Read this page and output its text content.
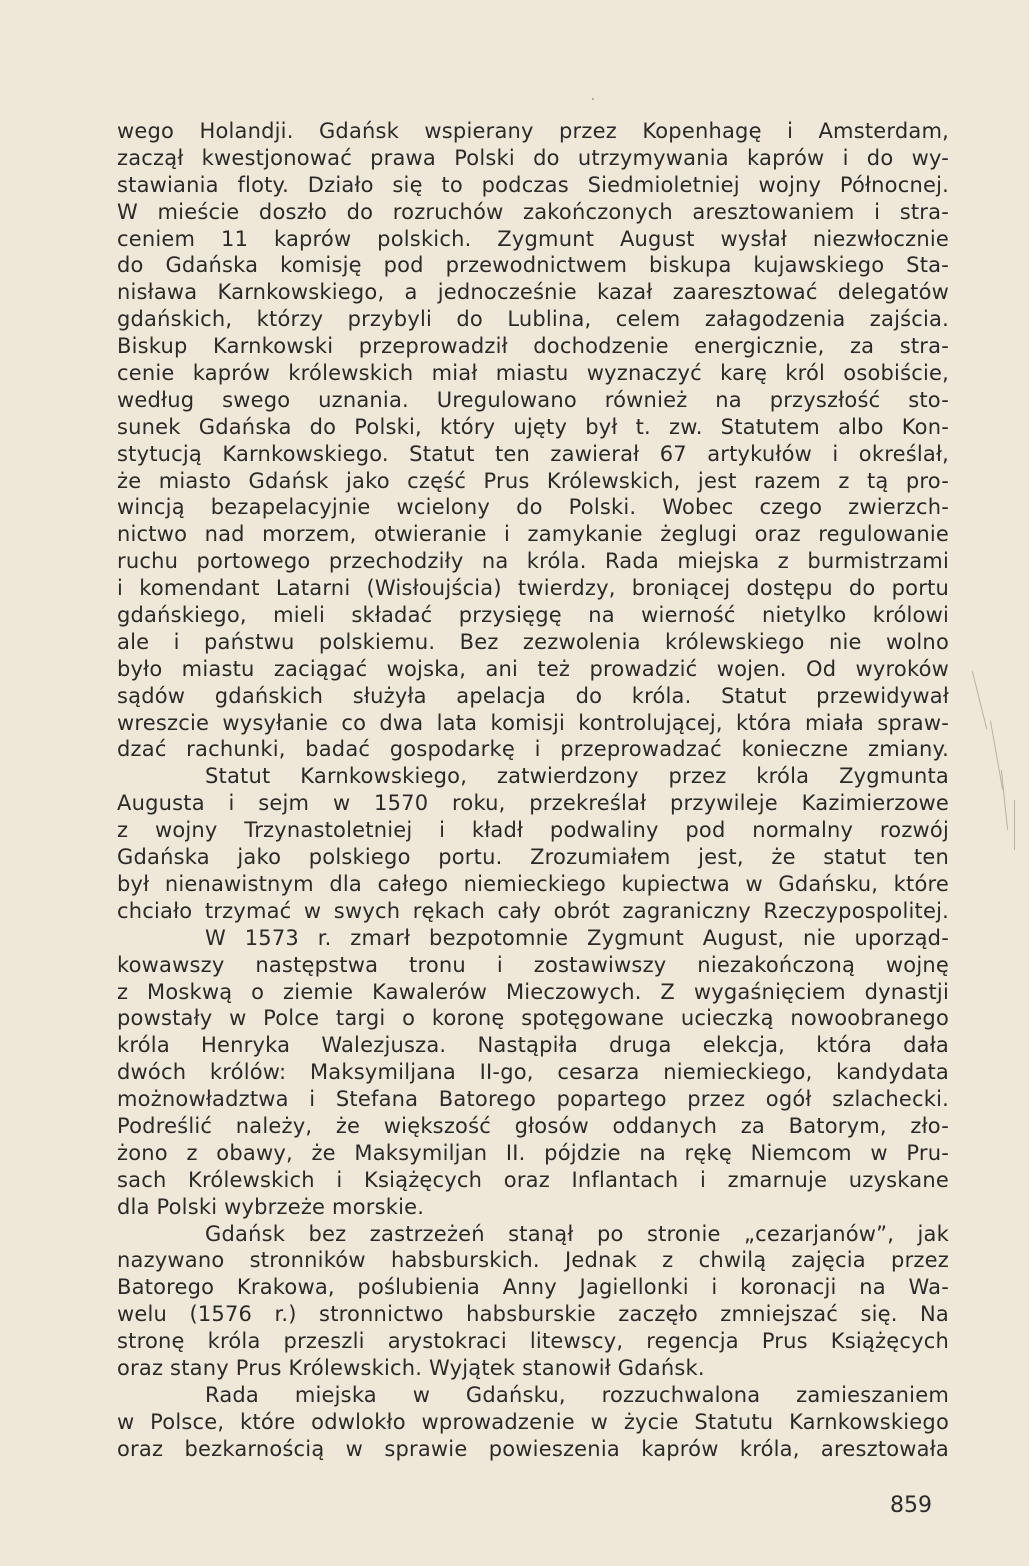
wego Holandji. Gdańsk wspierany przez Kopenhagę i Amsterdam,
zaczął kwestjonować prawa Polski do utrzymywania kaprów i do wy-
stawiania floty. Działo się to podczas Siedmioletniej wojny Północnej.
W mieście doszło do rozruchów zakończonych aresztowaniem i stra-
ceniem 11 kaprów polskich. Zygmunt August wysłał niezwłocznie
do Gdańska komisję pod przewodnictwem biskupa kujawskiego Sta-
nisława Karnkowskiego, a jednocześnie kazał zaaresztować delegatów
gdańskich, którzy przybyli do Lublina, celem załagodzenia zajścia.
Biskup Karnkowski przeprowadził dochodzenie energicznie, za stra-
cenie kaprów królewskich miał miastu wyznaczyć karę król osobiście,
według swego uznania. Uregulowano również na przyszłość sto-
sunek Gdańska do Polski, który ujęty był t. zw. Statutem albo Kon-
stytucją Karnkowskiego. Statut ten zawierał 67 artykułów i określał,
że miasto Gdańsk jako część Prus Królewskich, jest razem z tą pro-
wincją bezapelacyjnie wcielony do Polski. Wobec czego zwierzch-
nictwo nad morzem, otwieranie i zamykanie żeglugi oraz regulowanie
ruchu portowego przechodziły na króla. Rada miejska z burmistrzami
i komendant Latarni (Wisłoujścia) twierdzy, broniącej dostępu do portu
gdańskiego, mieli składać przysięgę na wierność nietylko królowi
ale i państwu polskiemu. Bez zezwolenia królewskiego nie wolno
było miastu zaciągać wojska, ani też prowadzić wojen. Od wyroków
sądów gdańskich służyła apelacja do króla. Statut przewidywał
wreszcie wysyłanie co dwa lata komisji kontrolującej, która miała spraw-
dzać rachunki, badać gospodarkę i przeprowadzać konieczne zmiany.
Statut Karnkowskiego, zatwierdzony przez króla Zygmunta
Augusta i sejm w 1570 roku, przekreślał przywileje Kazimierzowe
z wojny Trzynastoletniej i kładł podwaliny pod normalny rozwój
Gdańska jako polskiego portu. Zrozumiałem jest, że statut ten
był nienawistnym dla całego niemieckiego kupiectwa w Gdańsku, które
chciało trzymać w swych rękach cały obrót zagraniczny Rzeczypospolitej.
W 1573 r. zmarł bezpotomnie Zygmunt August, nie uporząd-
kowawszy następstwa tronu i zostawiwszy niezakończoną wojnę
z Moskwą o ziemie Kawalerów Mieczowych. Z wygaśnięciem dynastji
powstały w Polce targi o koronę spotęgowane ucieczką nowoobranego
króla Henryka Walezjusza. Nastąpiła druga elekcja, która dała
dwóch królów: Maksymiljana II-go, cesarza niemieckiego, kandydata
możnowładztwa i Stefana Batorego popartego przez ogół szlachecki.
Podreślić należy, że większość głosów oddanych za Batorym, zło-
żono z obawy, że Maksymiljan II. pójdzie na rękę Niemcom w Pru-
sach Królewskich i Książęcych oraz Inflantach i zmarnuje uzyskane
dla Polski wybrzeże morskie.
Gdańsk bez zastrzeżeń stanął po stronie „cezarjanów”, jak
nazywano stronników habsburskich. Jednak z chwilą zajęcia przez
Batorego Krakowa, poślubienia Anny Jagiellonki i koronacji na Wa-
welu (1576 r.) stronnictwo habsburskie zaczęło zmniejszać się. Na
stronę króla przeszli arystokraci litewscy, regencja Prus Książęcych
oraz stany Prus Królewskich. Wyjątek stanowił Gdańsk.
Rada miejska w Gdańsku, rozzuchwalona zamieszaniem
w Polsce, które odwlokło wprowadzenie w życie Statutu Karnkowskiego
oraz bezkarnością w sprawie powieszenia kaprów króla, aresztowała
859
